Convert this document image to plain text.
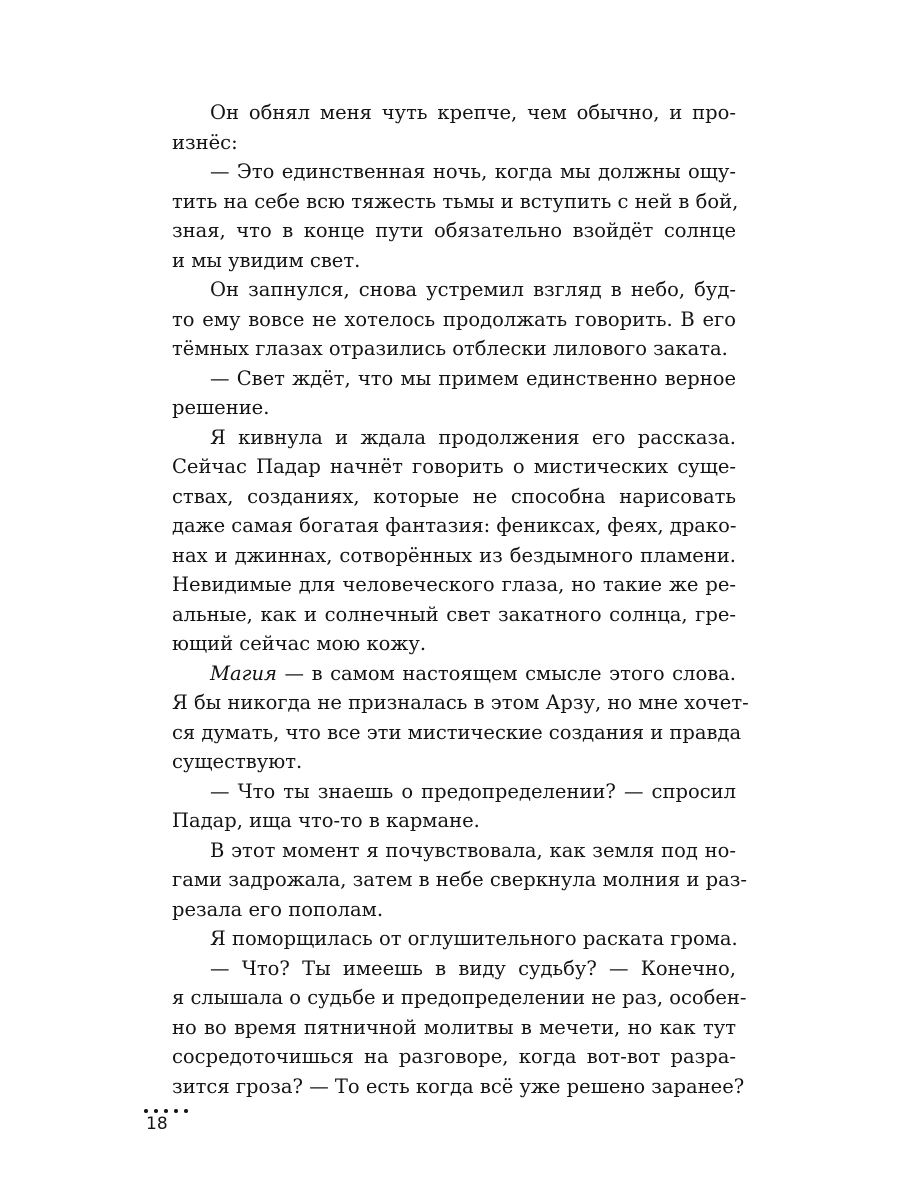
Он обнял меня чуть крепче, чем обычно, и про-
изнёс:
— Это единственная ночь, когда мы должны ощу-
тить на себе всю тяжесть тьмы и вступить с ней в бой,
зная, что в конце пути обязательно взойдёт солнце
и мы увидим свет.
Он запнулся, снова устремил взгляд в небо, буд-
то ему вовсе не хотелось продолжать говорить. В его
тёмных глазах отразились отблески лилового заката.
— Свет ждёт, что мы примем единственно верное
решение.
Я кивнула и ждала продолжения его рассказа.
Сейчас Падар начнёт говорить о мистических суще-
ствах, созданиях, которые не способна нарисовать
даже самая богатая фантазия: фениксах, феях, драко-
нах и джиннах, сотворённых из бездымного пламени.
Невидимые для человеческого глаза, но такие же ре-
альные, как и солнечный свет закатного солнца, гре-
ющий сейчас мою кожу.
Магия — в самом настоящем смысле этого слова.
Я бы никогда не призналась в этом Арзу, но мне хочет-
ся думать, что все эти мистические создания и правда
существуют.
— Что ты знаешь о предопределении? — спросил
Падар, ища что-то в кармане.
В этот момент я почувствовала, как земля под но-
гами задрожала, затем в небе сверкнула молния и раз-
резала его пополам.
Я поморщилась от оглушительного раската грома.
— Что? Ты имеешь в виду судьбу? — Конечно,
я слышала о судьбе и предопределении не раз, особен-
но во время пятничной молитвы в мечети, но как тут
сосредоточишься на разговоре, когда вот-вот разра-
зится гроза? — То есть когда всё уже решено заранее?
18
